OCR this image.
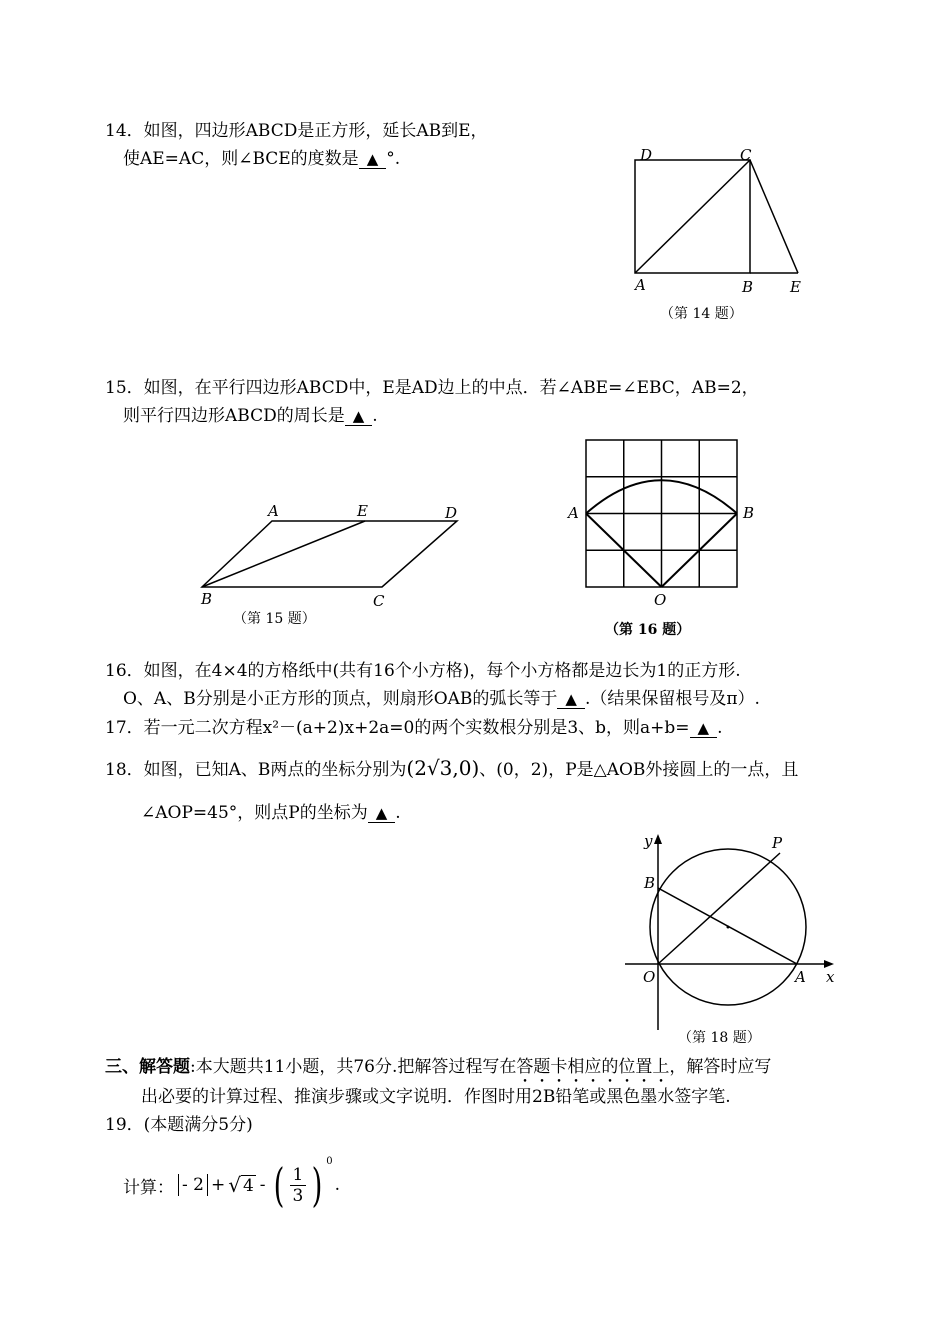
14．如图，四边形ABCD是正方形，延长AB到E，
使AE=AC，则∠BCE的度数是 ▲ °.	D	C
A	B E
（第 14 题）
15．如图，在平行四边形ABCD中，E是AD边上的中点．若∠ABE=∠EBC，AB=2，
则平行四边形ABCD的周长是 ▲ .
A	E	D
B	C
（第 15 题）
A	B
O
（第 16 题）
16．如图，在4×4的方格纸中(共有16个小方格)，每个小方格都是边长为1的正方形.
O、A、B分别是小正方形的顶点，则扇形OAB的弧长等于 ▲ .（结果保留根号及π）.
17．若一元二次方程x²－(a+2)x+2a=0的两个实数根分别是3、b，则a+b= ▲ .
18．如图，已知A、B两点的坐标分别为(2√3,0)、(0，2)，P是△AOB外接圆上的一点，且
∠AOP=45°，则点P的坐标为 ▲ .
y
x
B
P
O	A
（第 18 题）
三、解答题:本大题共11小题，共76分.把解答过程写在答题卡相应的位置上，解答时应写
出必要的计算过程、推演步骤或文字说明．作图时用2B铅笔或黑色墨水签字笔.
19．(本题满分5分)
计算： - 2 + √ 4 - ( $\frac{1}{3}$ ) 0
.
